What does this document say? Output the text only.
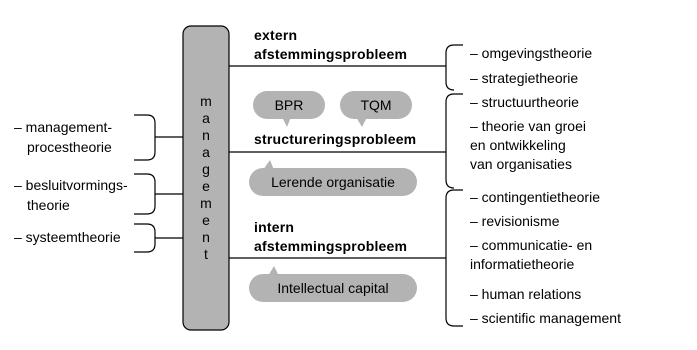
m
a
n
a
g
e
m
e
n
t
extern
afstemmingsprobleem
structureringsprobleem
intern
afstemmingsprobleem
BPR	TQM
Lerende organisatie
Intellectual capital
– management-
procestheorie
– besluitvormings-
theorie
– systeemtheorie
– omgevingstheorie
– strategietheorie
– structuurtheorie
– theorie van groei
en ontwikkeling
van organisaties
– contingentietheorie
– revisionisme
– communicatie- en
informatietheorie
– human relations
– scientific management
